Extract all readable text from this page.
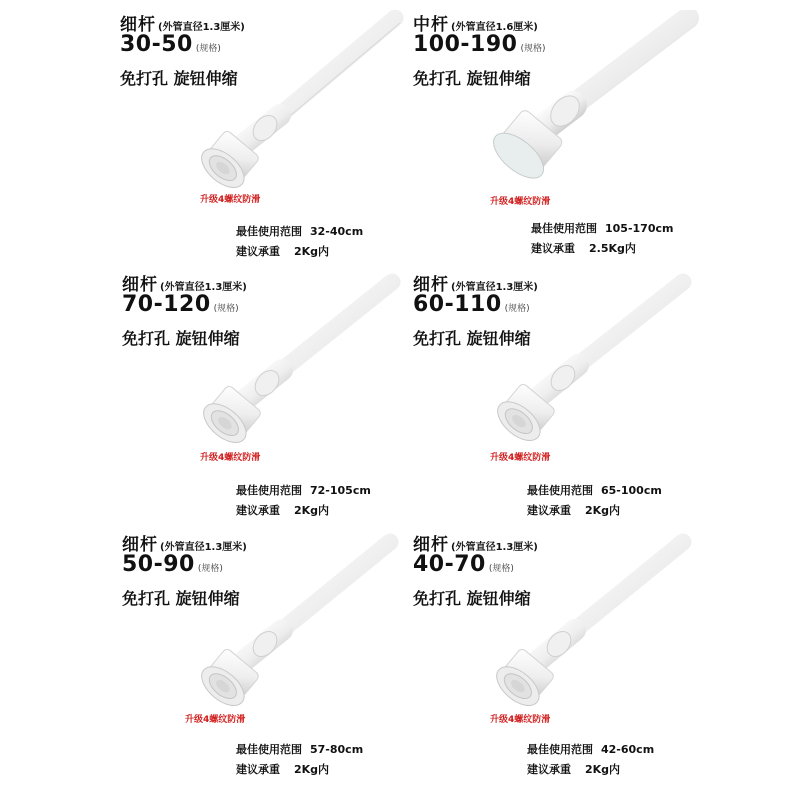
细杆 (外管直径1.3厘米)
30-50 (规格)
免打孔 旋钮伸缩
升级4螺纹防滑
最佳使用范围 32-40cm
建议承重 2Kg内
中杆 (外管直径1.6厘米)
100-190 (规格)
免打孔 旋钮伸缩
升级4螺纹防滑
最佳使用范围 105-170cm
建议承重 2.5Kg内
细杆 (外管直径1.3厘米)
70-120 (规格)
免打孔 旋钮伸缩
升级4螺纹防滑
最佳使用范围 72-105cm
建议承重 2Kg内
细杆 (外管直径1.3厘米)
60-110 (规格)
免打孔 旋钮伸缩
升级4螺纹防滑
最佳使用范围 65-100cm
建议承重 2Kg内
细杆 (外管直径1.3厘米)
50-90 (规格)
免打孔 旋钮伸缩
升级4螺纹防滑
最佳使用范围 57-80cm
建议承重 2Kg内
细杆 (外管直径1.3厘米)
40-70 (规格)
免打孔 旋钮伸缩
升级4螺纹防滑
最佳使用范围 42-60cm
建议承重 2Kg内
